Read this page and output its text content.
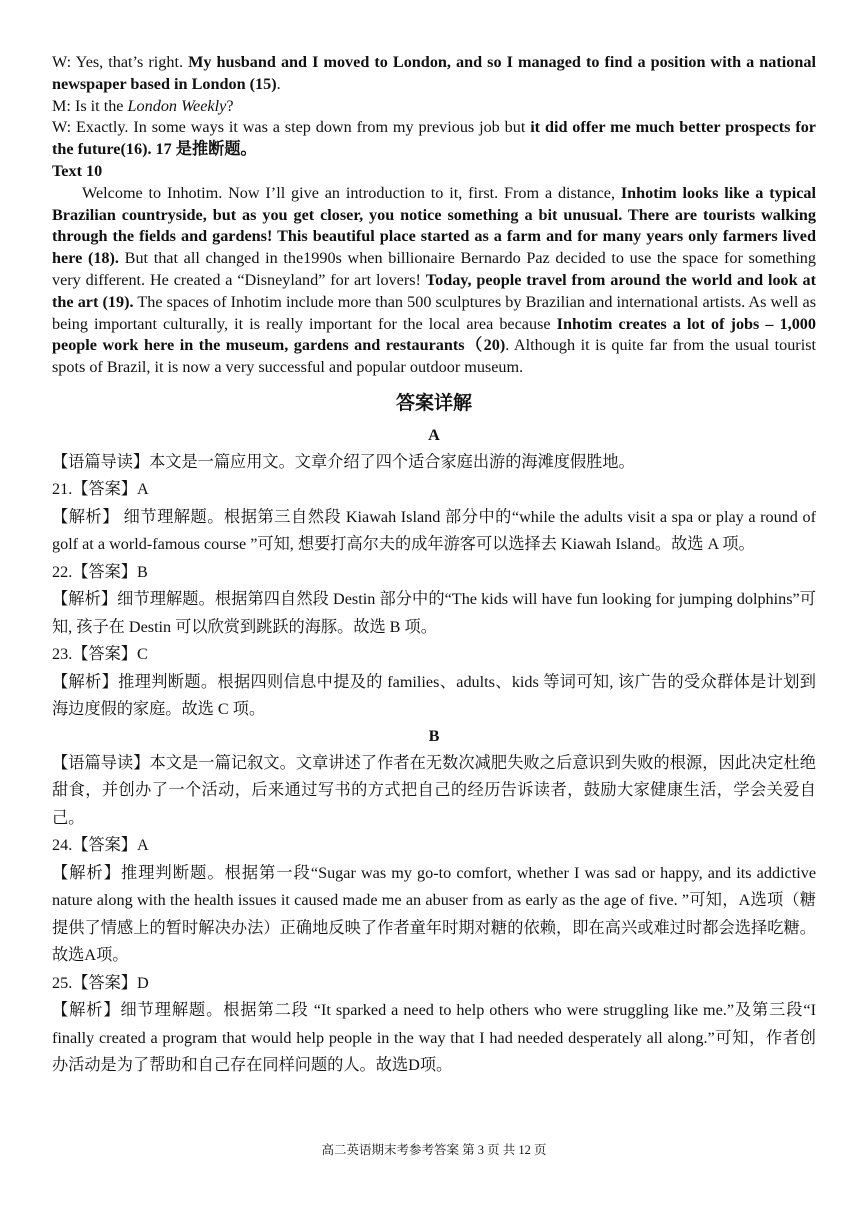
W: Yes, that’s right. My husband and I moved to London, and so I managed to find a position with a national newspaper based in London (15).

M: Is it the London Weekly?

W: Exactly. In some ways it was a step down from my previous job but it did offer me much better prospects for the future(16). 17 是推断题。

Text 10

Welcome to Inhotim. Now I’ll give an introduction to it, first. From a distance, Inhotim looks like a typical Brazilian countryside, but as you get closer, you notice something a bit unusual. There are tourists walking through the fields and gardens! This beautiful place started as a farm and for many years only farmers lived here (18). But that all changed in the1990s when billionaire Bernardo Paz decided to use the space for something very different. He created a “Disneyland” for art lovers! Today, people travel from around the world and look at the art (19). The spaces of Inhotim include more than 500 sculptures by Brazilian and international artists. As well as being important culturally, it is really important for the local area because Inhotim creates a lot of jobs – 1,000 people work here in the museum, gardens and restaurants（20). Although it is quite far from the usual tourist spots of Brazil, it is now a very successful and popular outdoor museum.

答案详解
A

【语篇导读】本文是一篇应用文。文章介绍了四个适合家庭出游的海滩度假胜地。

21.【答案】A

【解析】 细节理解题。根据第三自然段 Kiawah Island 部分中的“while the adults visit a spa or play a round of golf at a world-famous course ”可知, 想要打高尔夫的成年游客可以选择去 Kiawah Island。故选 A 项。

22.【答案】B

【解析】细节理解题。根据第四自然段 Destin 部分中的“The kids will have fun looking for jumping dolphins”可知, 孩子在 Destin 可以欣赏到跳跃的海豚。故选 B 项。

23.【答案】C

【解析】推理判断题。根据四则信息中提及的 families、adults、kids 等词可知, 该广告的受众群体是计划到海边度假的家庭。故选 C 项。

B

【语篇导读】本文是一篇记叙文。文章讲述了作者在无数次减肥失败之后意识到失败的根源，因此决定杜绝甜食，并创办了一个活动，后来通过写书的方式把自己的经历告诉读者，鼓励大家健康生活，学会关爱自己。

24.【答案】A

【解析】推理判断题。根据第一段“Sugar was my go-to comfort, whether I was sad or happy, and its addictive nature along with the health issues it caused made me an abuser from as early as the age of five. ”可知，A选项（糖提供了情感上的暂时解决办法）正确地反映了作者童年时期对糖的依赖，即在高兴或难过时都会选择吃糖。故选A项。

25.【答案】D

【解析】细节理解题。根据第二段 “It sparked a need to help others who were struggling like me.”及第三段“I finally created a program that would help people in the way that I had needed desperately all along.”可知，作者创办活动是为了帮助和自己存在同样问题的人。故选D项。

高二英语期末考参考答案 第 3 页 共 12 页
